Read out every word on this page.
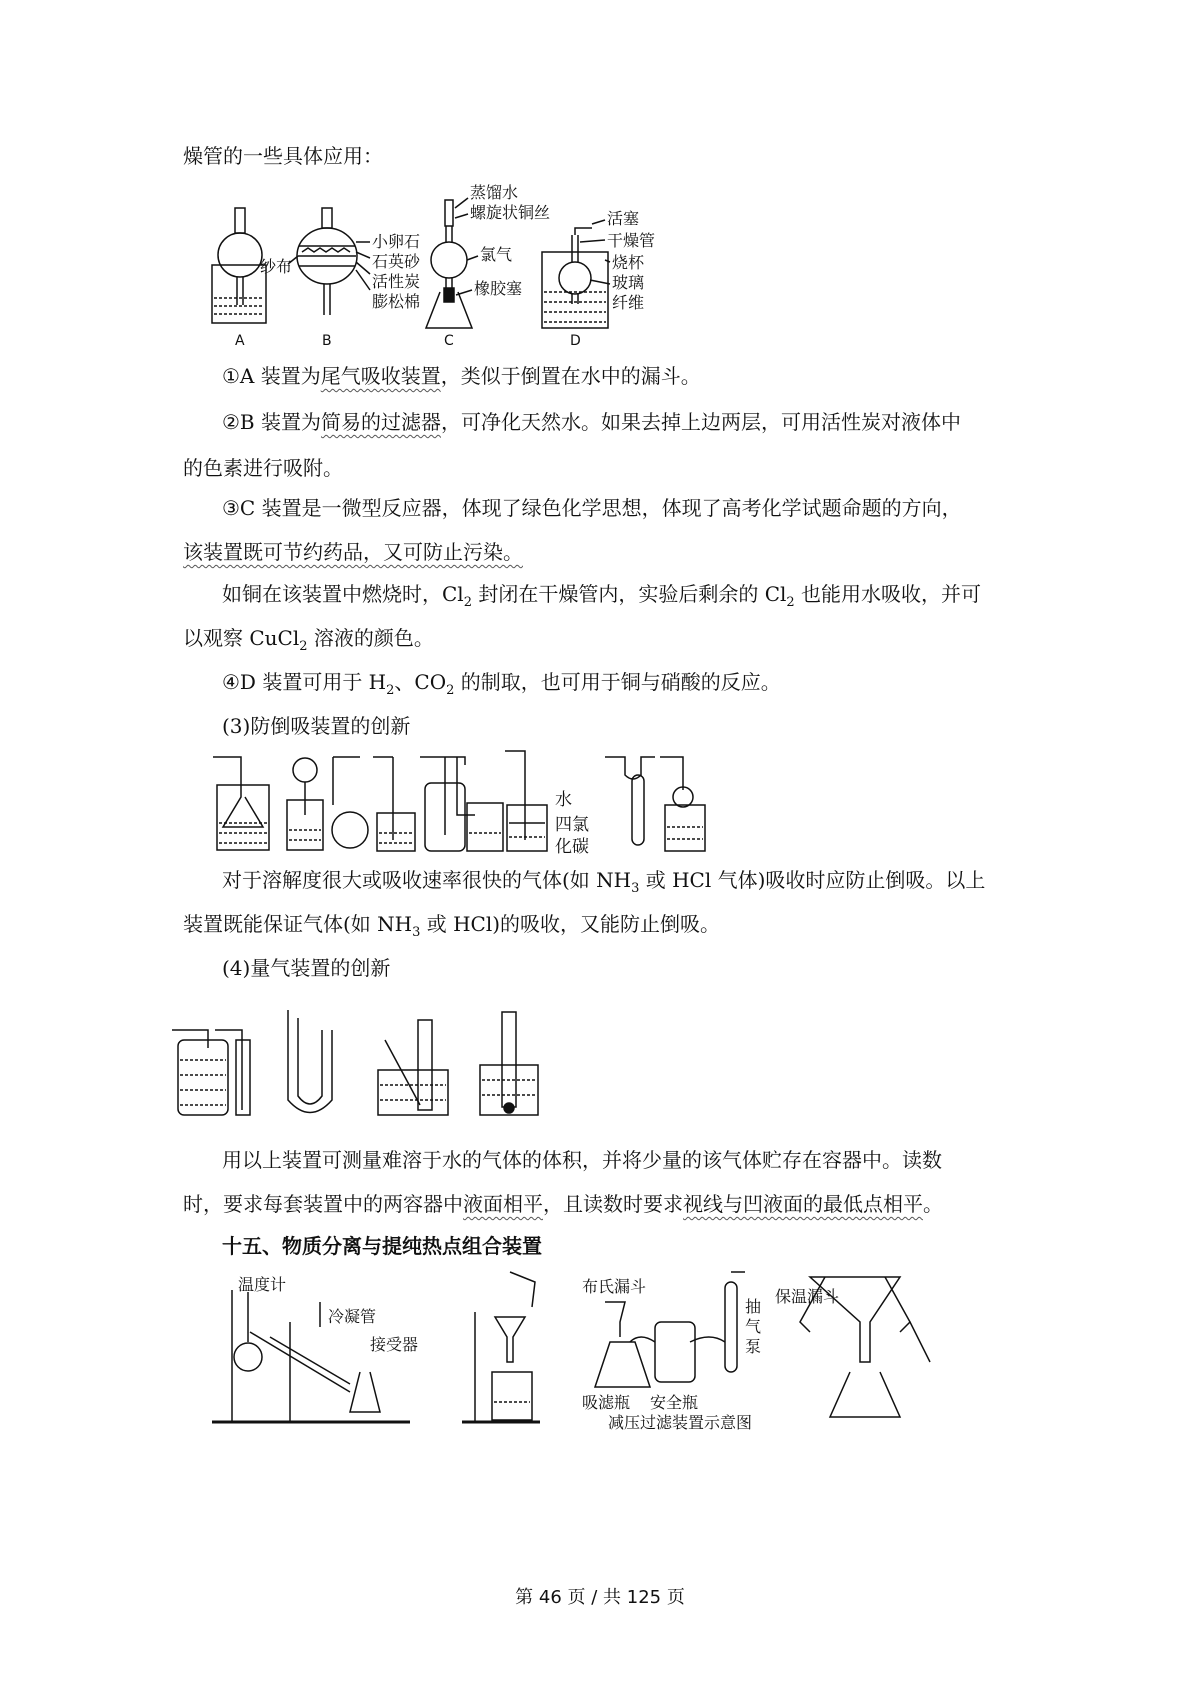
燥管的一些具体应用：
A	B	C	D
纱布
小卵石
石英砂
活性炭
膨松棉
蒸馏水
螺旋状铜丝
氯气
橡胶塞
活塞
干燥管
烧杯
玻璃
纤维
①A 装置为尾气吸收装置，类似于倒置在水中的漏斗。
②B 装置为简易的过滤器，可净化天然水。如果去掉上边两层，可用活性炭对液体中
的色素进行吸附。
③C 装置是一微型反应器，体现了绿色化学思想，体现了高考化学试题命题的方向，
该装置既可节约药品，又可防止污染。
如铜在该装置中燃烧时，$Cl_2$ 封闭在干燥管内，实验后剩余的 $Cl_2$ 也能用水吸收，并可
以观察 CuCl$_2$ 溶液的颜色。
④D 装置可用于 $H_2$、$CO_2$ 的制取，也可用于铜与硝酸的反应。
(3)防倒吸装置的创新
水
四氯
化碳
对于溶解度很大或吸收速率很快的气体(如 $NH_3$ 或 HCl 气体)吸收时应防止倒吸。以上
装置既能保证气体(如 $NH_3$ 或 HCl)的吸收，又能防止倒吸。
(4)量气装置的创新
用以上装置可测量难溶于水的气体的体积，并将少量的该气体贮存在容器中。读数
时，要求每套装置中的两容器中液面相平，且读数时要求视线与凹液面的最低点相平。
十五、物质分离与提纯热点组合装置
温度计
冷凝管
接受器
布氏漏斗
吸滤瓶 安全瓶
抽
气
泵
减压过滤装置示意图
保温漏斗
第 46 页 / 共 125 页
